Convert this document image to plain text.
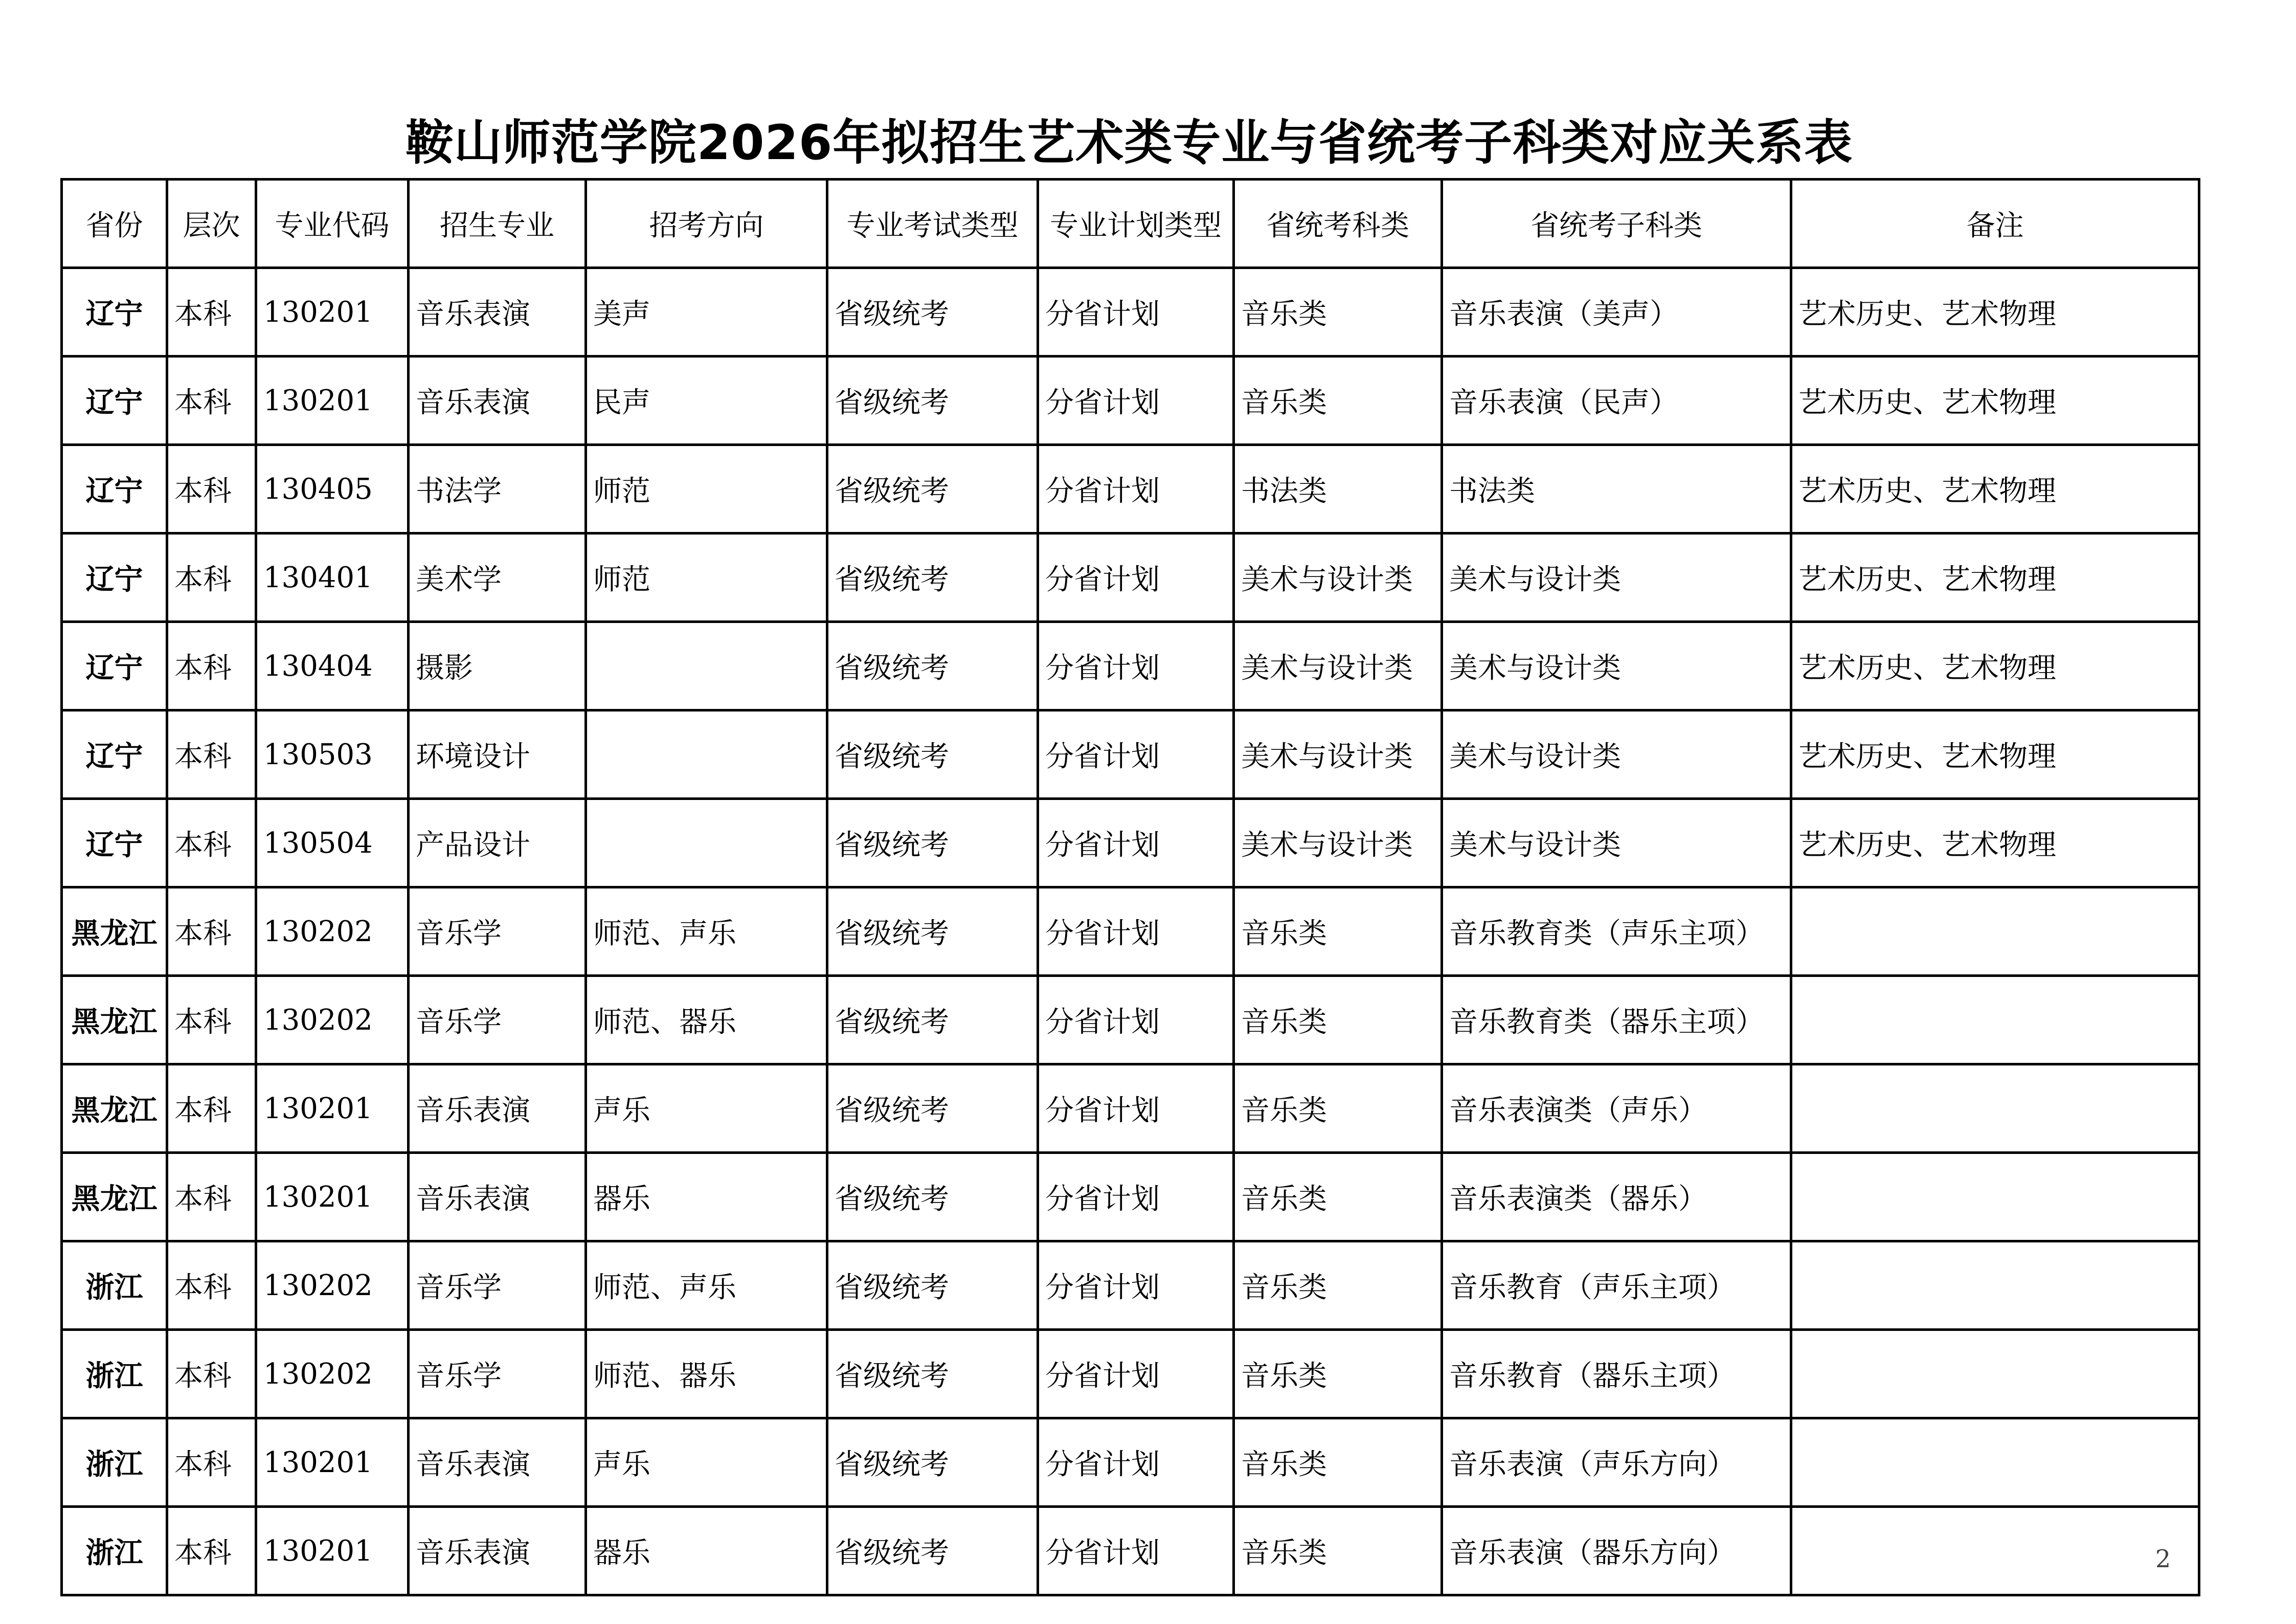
鞍山师范学院2026年拟招生艺术类专业与省统考子科类对应关系表
省份	层次	专业代码	招生专业	招考方向	专业考试类型	专业计划类型	省统考科类	省统考子科类	备注
辽宁	本科	130201	音乐表演	美声	省级统考	分省计划	音乐类	音乐表演（美声）	艺术历史、艺术物理
辽宁	本科	130201	音乐表演	民声	省级统考	分省计划	音乐类	音乐表演（民声）	艺术历史、艺术物理
辽宁	本科	130405	书法学	师范	省级统考	分省计划	书法类	书法类	艺术历史、艺术物理
辽宁	本科	130401	美术学	师范	省级统考	分省计划	美术与设计类	美术与设计类	艺术历史、艺术物理
辽宁	本科	130404	摄影		省级统考	分省计划	美术与设计类	美术与设计类	艺术历史、艺术物理
辽宁	本科	130503	环境设计		省级统考	分省计划	美术与设计类	美术与设计类	艺术历史、艺术物理
辽宁	本科	130504	产品设计		省级统考	分省计划	美术与设计类	美术与设计类	艺术历史、艺术物理
黑龙江	本科	130202	音乐学	师范、声乐	省级统考	分省计划	音乐类	音乐教育类（声乐主项）	
黑龙江	本科	130202	音乐学	师范、器乐	省级统考	分省计划	音乐类	音乐教育类（器乐主项）	
黑龙江	本科	130201	音乐表演	声乐	省级统考	分省计划	音乐类	音乐表演类（声乐）	
黑龙江	本科	130201	音乐表演	器乐	省级统考	分省计划	音乐类	音乐表演类（器乐）	
浙江	本科	130202	音乐学	师范、声乐	省级统考	分省计划	音乐类	音乐教育（声乐主项）	
浙江	本科	130202	音乐学	师范、器乐	省级统考	分省计划	音乐类	音乐教育（器乐主项）	
浙江	本科	130201	音乐表演	声乐	省级统考	分省计划	音乐类	音乐表演（声乐方向）	
浙江	本科	130201	音乐表演	器乐	省级统考	分省计划	音乐类	音乐表演（器乐方向）		2
